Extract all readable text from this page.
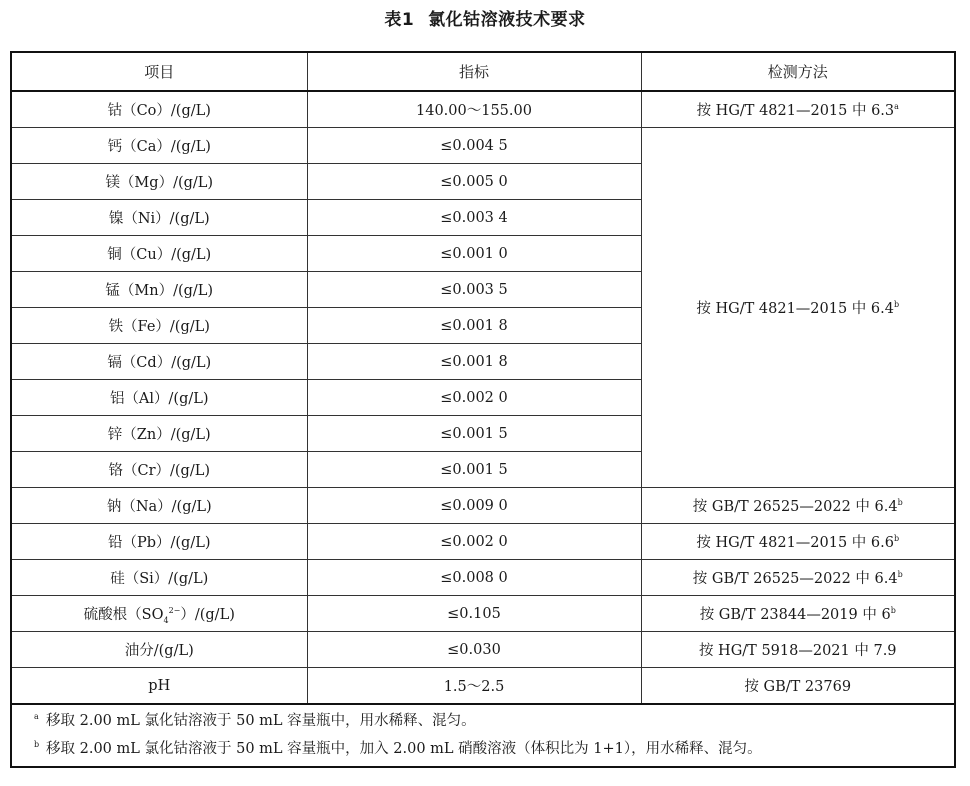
表1 氯化钴溶液技术要求
项目	指标	检测方法
钴（Co）/(g/L)	140.00～155.00	按 HG/T 4821—2015 中 6.3$^a$
钙（Ca）/(g/L)	≤0.004 5	按 HG/T 4821—2015 中 6.4$^b$
镁（Mg）/(g/L)	≤0.005 0	
镍（Ni）/(g/L)	≤0.003 4	
铜（Cu）/(g/L)	≤0.001 0	
锰（Mn）/(g/L)	≤0.003 5	
铁（Fe）/(g/L)	≤0.001 8	
镉（Cd）/(g/L)	≤0.001 8	
铝（Al）/(g/L)	≤0.002 0	
锌（Zn）/(g/L)	≤0.001 5	
铬（Cr）/(g/L)	≤0.001 5	
钠（Na）/(g/L)	≤0.009 0	按 GB/T 26525—2022 中 6.4$^b$
铅（Pb）/(g/L)	≤0.002 0	按 HG/T 4821—2015 中 6.6$^b$
硅（Si）/(g/L)	≤0.008 0	按 GB/T 26525—2022 中 6.4$^b$
硫酸根$(SO_4^{2-})/(g/L)$	≤0.105	按 GB/T 23844—2019 中 6$^b$
油分/(g/L)	≤0.030	按 HG/T 5918—2021 中 7.9
pH	1.5～2.5	按 GB/T 23769
a 移取 2.00 mL 氯化钴溶液于 50 mL 容量瓶中，用水稀释、混匀。
b 移取 2.00 mL 氯化钴溶液于 50 mL 容量瓶中，加入 2.00 mL 硝酸溶液（体积比为 1+1），用水稀释、混匀。
